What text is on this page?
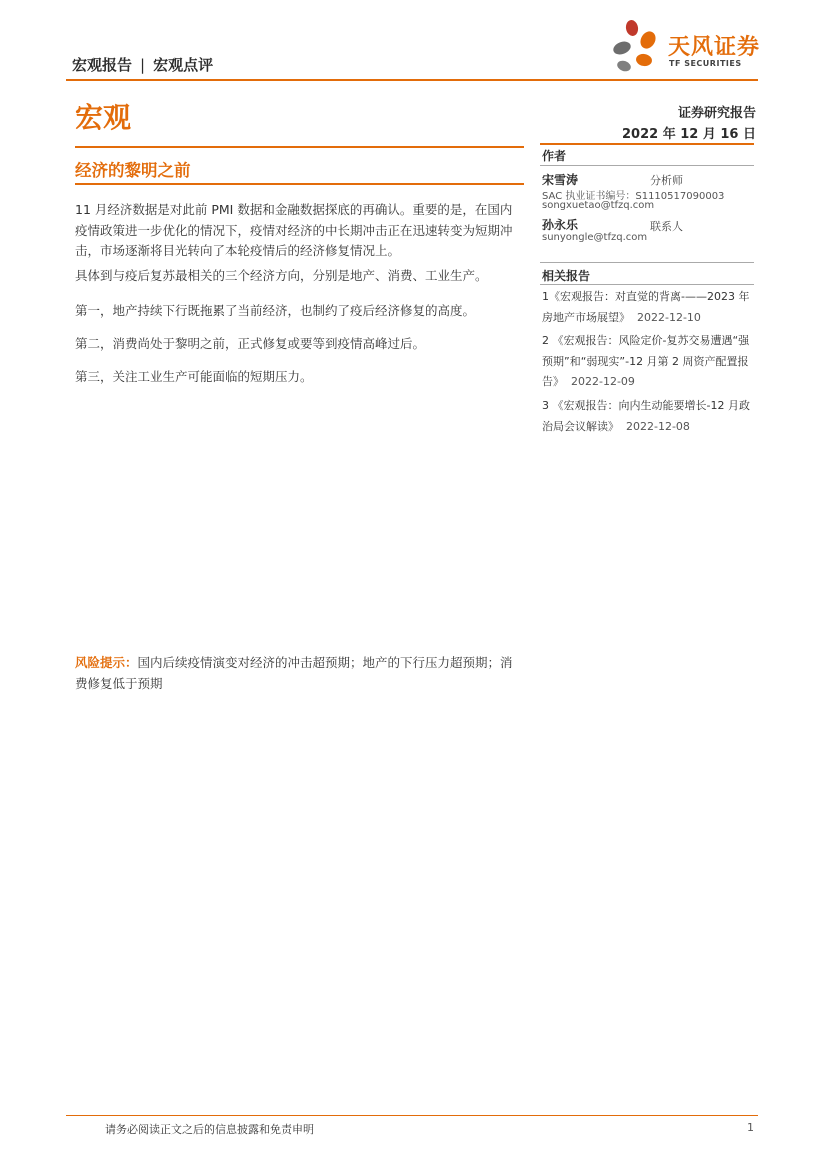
宏观报告 | 宏观点评
天风证券
TF SECURITIES
宏观	证券研究报告
2022 年 12 月 16 日
经济的黎明之前
11 月经济数据是对此前 PMI 数据和金融数据探底的再确认。重要的是，在国内疫情政策进一步优化的情况下，疫情对经济的中长期冲击正在迅速转变为短期冲击，市场逐渐将目光转向了本轮疫情后的经济修复情况上。
具体到与疫后复苏最相关的三个经济方向，分别是地产、消费、工业生产。
第一，地产持续下行既拖累了当前经济，也制约了疫后经济修复的高度。
第二，消费尚处于黎明之前，正式修复或要等到疫情高峰过后。
第三，关注工业生产可能面临的短期压力。
风险提示：国内后续疫情演变对经济的冲击超预期；地产的下行压力超预期；消费修复低于预期
作者
宋雪涛	分析师
SAC 执业证书编号：S1110517090003
songxuetao@tfzq.com
孙永乐	联系人
sunyongle@tfzq.com
相关报告
1《宏观报告：对直觉的背离-——2023 年房地产市场展望》 2022-12-10
2 《宏观报告：风险定价-复苏交易遭遇“强预期”和“弱现实”-12 月第 2 周资产配置报告》 2022-12-09
3 《宏观报告：向内生动能要增长-12 月政治局会议解读》 2022-12-08
请务必阅读正文之后的信息披露和免责申明	1
